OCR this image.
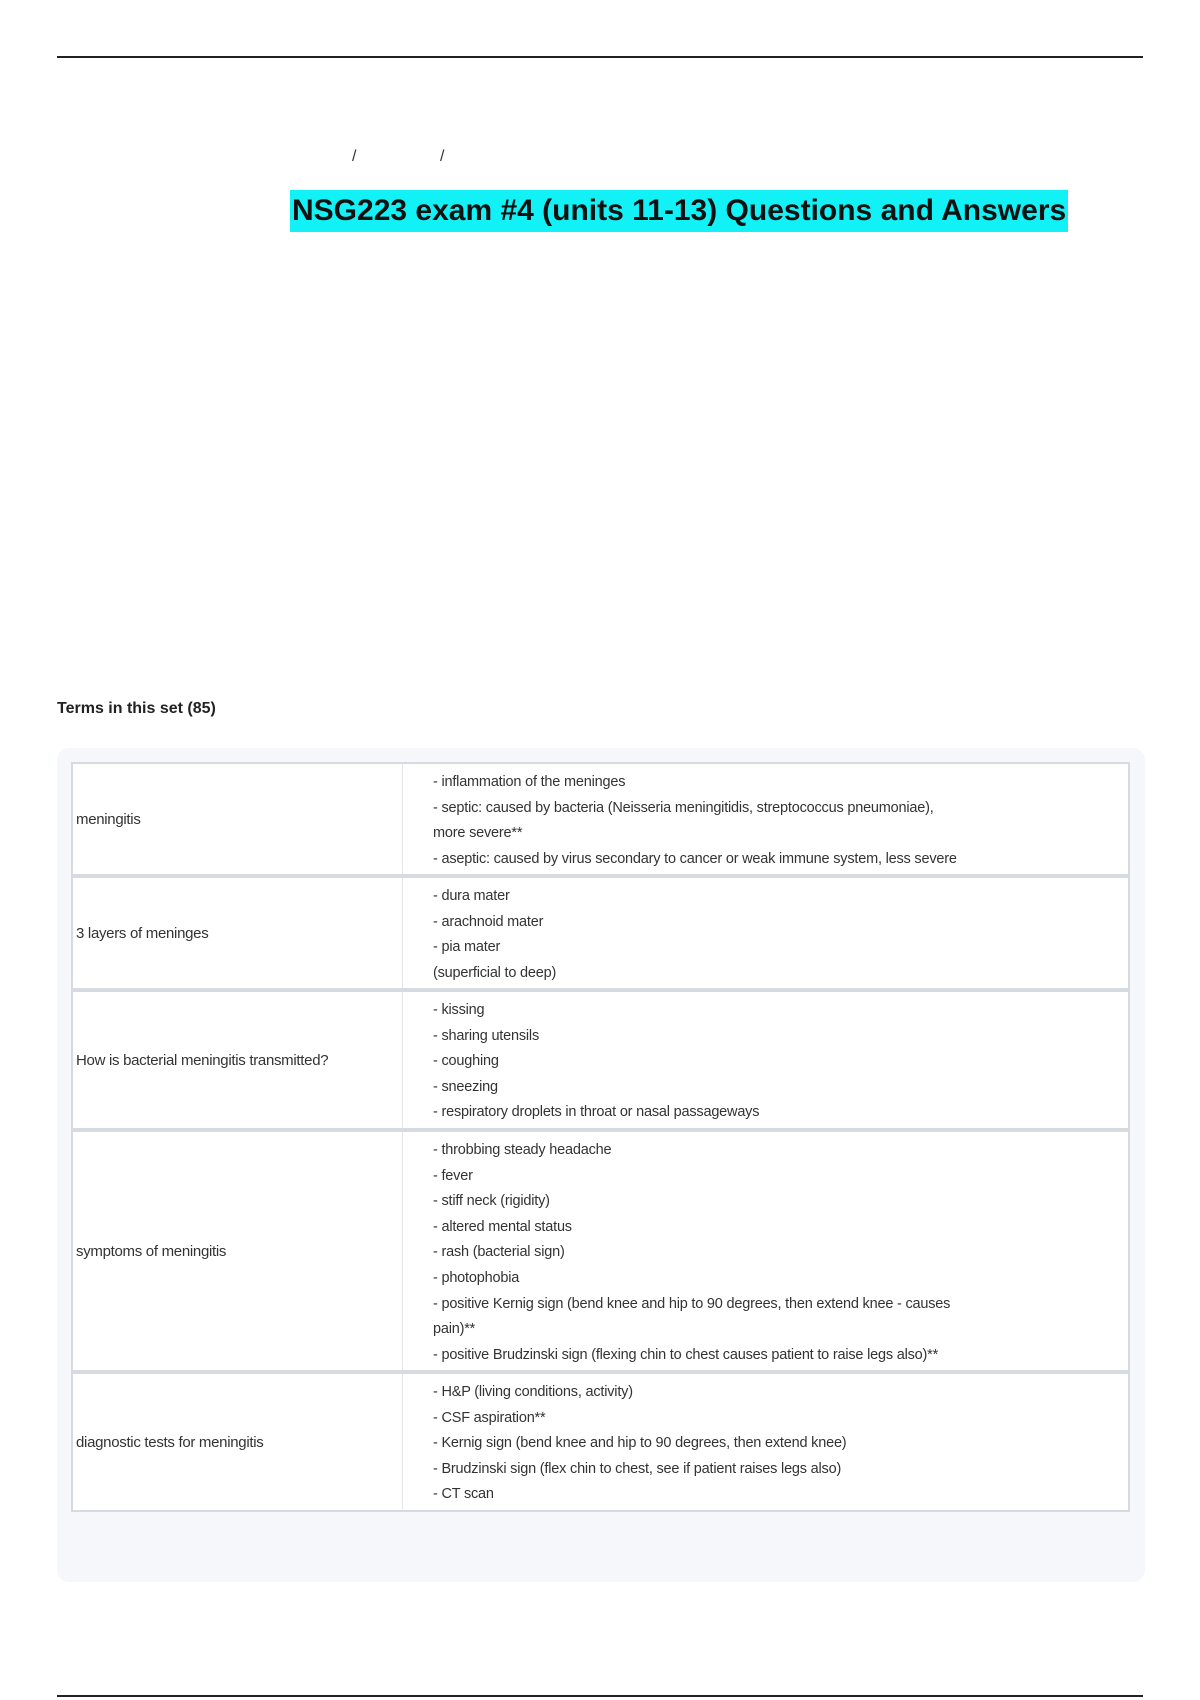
/	/
NSG223 exam #4 (units 11-13) Questions and Answers
Terms in this set (85)
meningitis
- inflammation of the meninges
- septic: caused by bacteria (Neisseria meningitidis, streptococcus pneumoniae),
more severe**
- aseptic: caused by virus secondary to cancer or weak immune system, less severe
3 layers of meninges
- dura mater
- arachnoid mater
- pia mater
(superficial to deep)
How is bacterial meningitis transmitted?
- kissing
- sharing utensils
- coughing
- sneezing
- respiratory droplets in throat or nasal passageways
symptoms of meningitis
- throbbing steady headache
- fever
- stiff neck (rigidity)
- altered mental status
- rash (bacterial sign)
- photophobia
- positive Kernig sign (bend knee and hip to 90 degrees, then extend knee - causes
pain)**
- positive Brudzinski sign (flexing chin to chest causes patient to raise legs also)**
diagnostic tests for meningitis
- H&P (living conditions, activity)
- CSF aspiration**
- Kernig sign (bend knee and hip to 90 degrees, then extend knee)
- Brudzinski sign (flex chin to chest, see if patient raises legs also)
- CT scan
